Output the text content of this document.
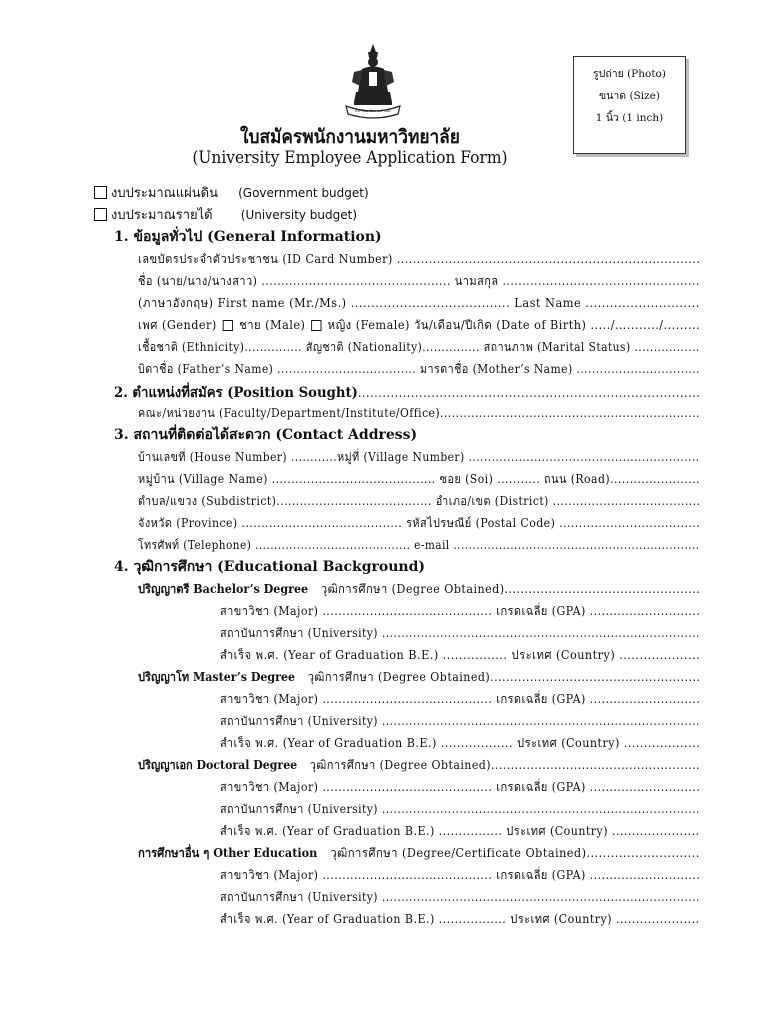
มหาวิทยาลัยรามคำแหง
รูปถ่าย (Photo)
ขนาด (Size)
1 นิ้ว (1 inch)
ใบสมัครพนักงานมหาวิทยาลัย
(University Employee Application Form)
งบประมาณแผ่นดิน (Government budget)
งบประมาณรายได้ (University budget)
1. ข้อมูลทั่วไป (General Information)
เลขบัตรประจำตัวประชาชน (ID Card Number) ............................................................................
ชื่อ (นาย/นาง/นางสาว) ................................................ นามสกุล ..................................................
(ภาษาอังกฤษ) First name (Mr./Ms.) ....................................... Last Name ............................
เพศ (Gender) ชาย (Male) หญิง (Female) วัน/เดือน/ปีเกิด (Date of Birth) ...../…......../.........
เชื้อชาติ (Ethnicity)............... สัญชาติ (Nationality)............... สถานภาพ (Marital Status) .................
บิดาชื่อ (Father’s Name) .................................... มารดาชื่อ (Mother’s Name) ................................
2. ตำแหน่งที่สมัคร (Position Sought)....................................................................................
คณะ/หน่วยงาน (Faculty/Department/Institute/Office)...................................................................
3. สถานที่ติดต่อได้สะดวก (Contact Address)
บ้านเลขที่ (House Number) ............หมู่ที่ (Village Number) ............................................................
หมู่บ้าน (Village Name) .......................................... ซอย (Soi) ........... ถนน (Road).......................
ตำบล/แขวง (Subdistrict)........................................ อำเภอ/เขต (District) ......................................
จังหวัด (Province) ......................................... รหัสไปรษณีย์ (Postal Code) ....................................
โทรศัพท์ (Telephone) ......................................... e-mail .................................................................
4. วุฒิการศึกษา (Educational Background)
ปริญญาตรี Bachelor’s Degree วุฒิการศึกษา (Degree Obtained).................................................
สาขาวิชา (Major) ........................................... เกรดเฉลี่ย (GPA) ............................
สถาบันการศึกษา (University) ..................................................................................
สำเร็จ พ.ศ. (Year of Graduation B.E.) ................ ประเทศ (Country) ....................
ปริญญาโท Master’s Degree วุฒิการศึกษา (Degree Obtained).....................................................
สาขาวิชา (Major) ........................................... เกรดเฉลี่ย (GPA) ............................
สถาบันการศึกษา (University) ..................................................................................
สำเร็จ พ.ศ. (Year of Graduation B.E.) .................. ประเทศ (Country) ...................
ปริญญาเอก Doctoral Degree วุฒิการศึกษา (Degree Obtained).....................................................
สาขาวิชา (Major) ........................................... เกรดเฉลี่ย (GPA) ............................
สถาบันการศึกษา (University) ..................................................................................
สำเร็จ พ.ศ. (Year of Graduation B.E.) ................ ประเทศ (Country) ......................
การศึกษาอื่น ๆ Other Education วุฒิการศึกษา (Degree/Certificate Obtained)............................
สาขาวิชา (Major) ........................................... เกรดเฉลี่ย (GPA) ............................
สถาบันการศึกษา (University) ..................................................................................
สำเร็จ พ.ศ. (Year of Graduation B.E.) ................. ประเทศ (Country) .....................
